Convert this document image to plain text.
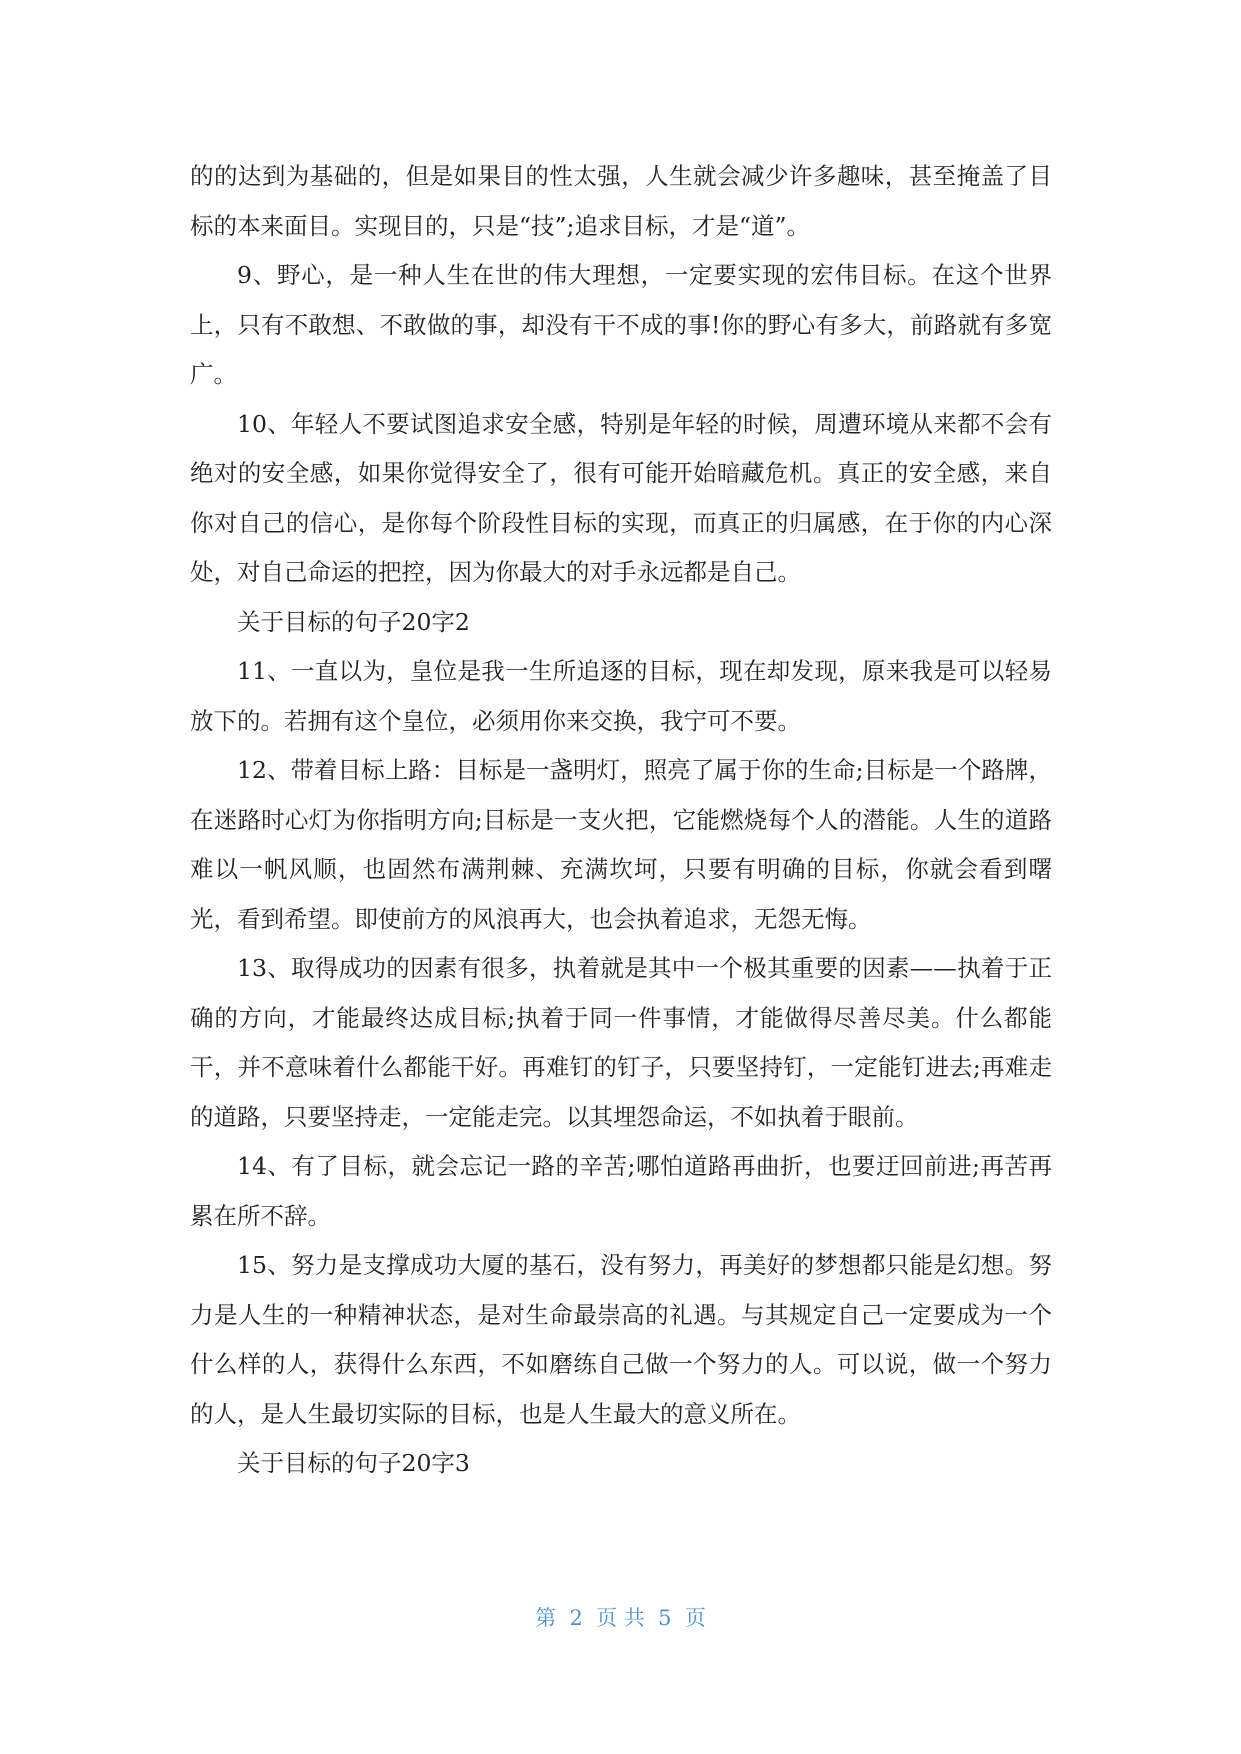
的的达到为基础的，但是如果目的性太强，人生就会减少许多趣味，甚至掩盖了目标的本来面目。实现目的，只是“技”;追求目标，才是“道”。

9、野心，是一种人生在世的伟大理想，一定要实现的宏伟目标。在这个世界上，只有不敢想、不敢做的事，却没有干不成的事!你的野心有多大，前路就有多宽广。

10、年轻人不要试图追求安全感，特别是年轻的时候，周遭环境从来都不会有绝对的安全感，如果你觉得安全了，很有可能开始暗藏危机。真正的安全感，来自你对自己的信心，是你每个阶段性目标的实现，而真正的归属感，在于你的内心深处，对自己命运的把控，因为你最大的对手永远都是自己。

关于目标的句子20字2

11、一直以为，皇位是我一生所追逐的目标，现在却发现，原来我是可以轻易放下的。若拥有这个皇位，必须用你来交换，我宁可不要。

12、带着目标上路：目标是一盏明灯，照亮了属于你的生命;目标是一个路牌，在迷路时心灯为你指明方向;目标是一支火把，它能燃烧每个人的潜能。人生的道路难以一帆风顺，也固然布满荆棘、充满坎坷，只要有明确的目标，你就会看到曙光，看到希望。即使前方的风浪再大，也会执着追求，无怨无悔。

13、取得成功的因素有很多，执着就是其中一个极其重要的因素——执着于正确的方向，才能最终达成目标;执着于同一件事情，才能做得尽善尽美。什么都能干，并不意味着什么都能干好。再难钉的钉子，只要坚持钉，一定能钉进去;再难走的道路，只要坚持走，一定能走完。以其埋怨命运，不如执着于眼前。

14、有了目标，就会忘记一路的辛苦;哪怕道路再曲折，也要迂回前进;再苦再累在所不辞。

15、努力是支撑成功大厦的基石，没有努力，再美好的梦想都只能是幻想。努力是人生的一种精神状态，是对生命最崇高的礼遇。与其规定自己一定要成为一个什么样的人，获得什么东西，不如磨练自己做一个努力的人。可以说，做一个努力的人，是人生最切实际的目标，也是人生最大的意义所在。

关于目标的句子20字3

第  2  页 共  5  页
